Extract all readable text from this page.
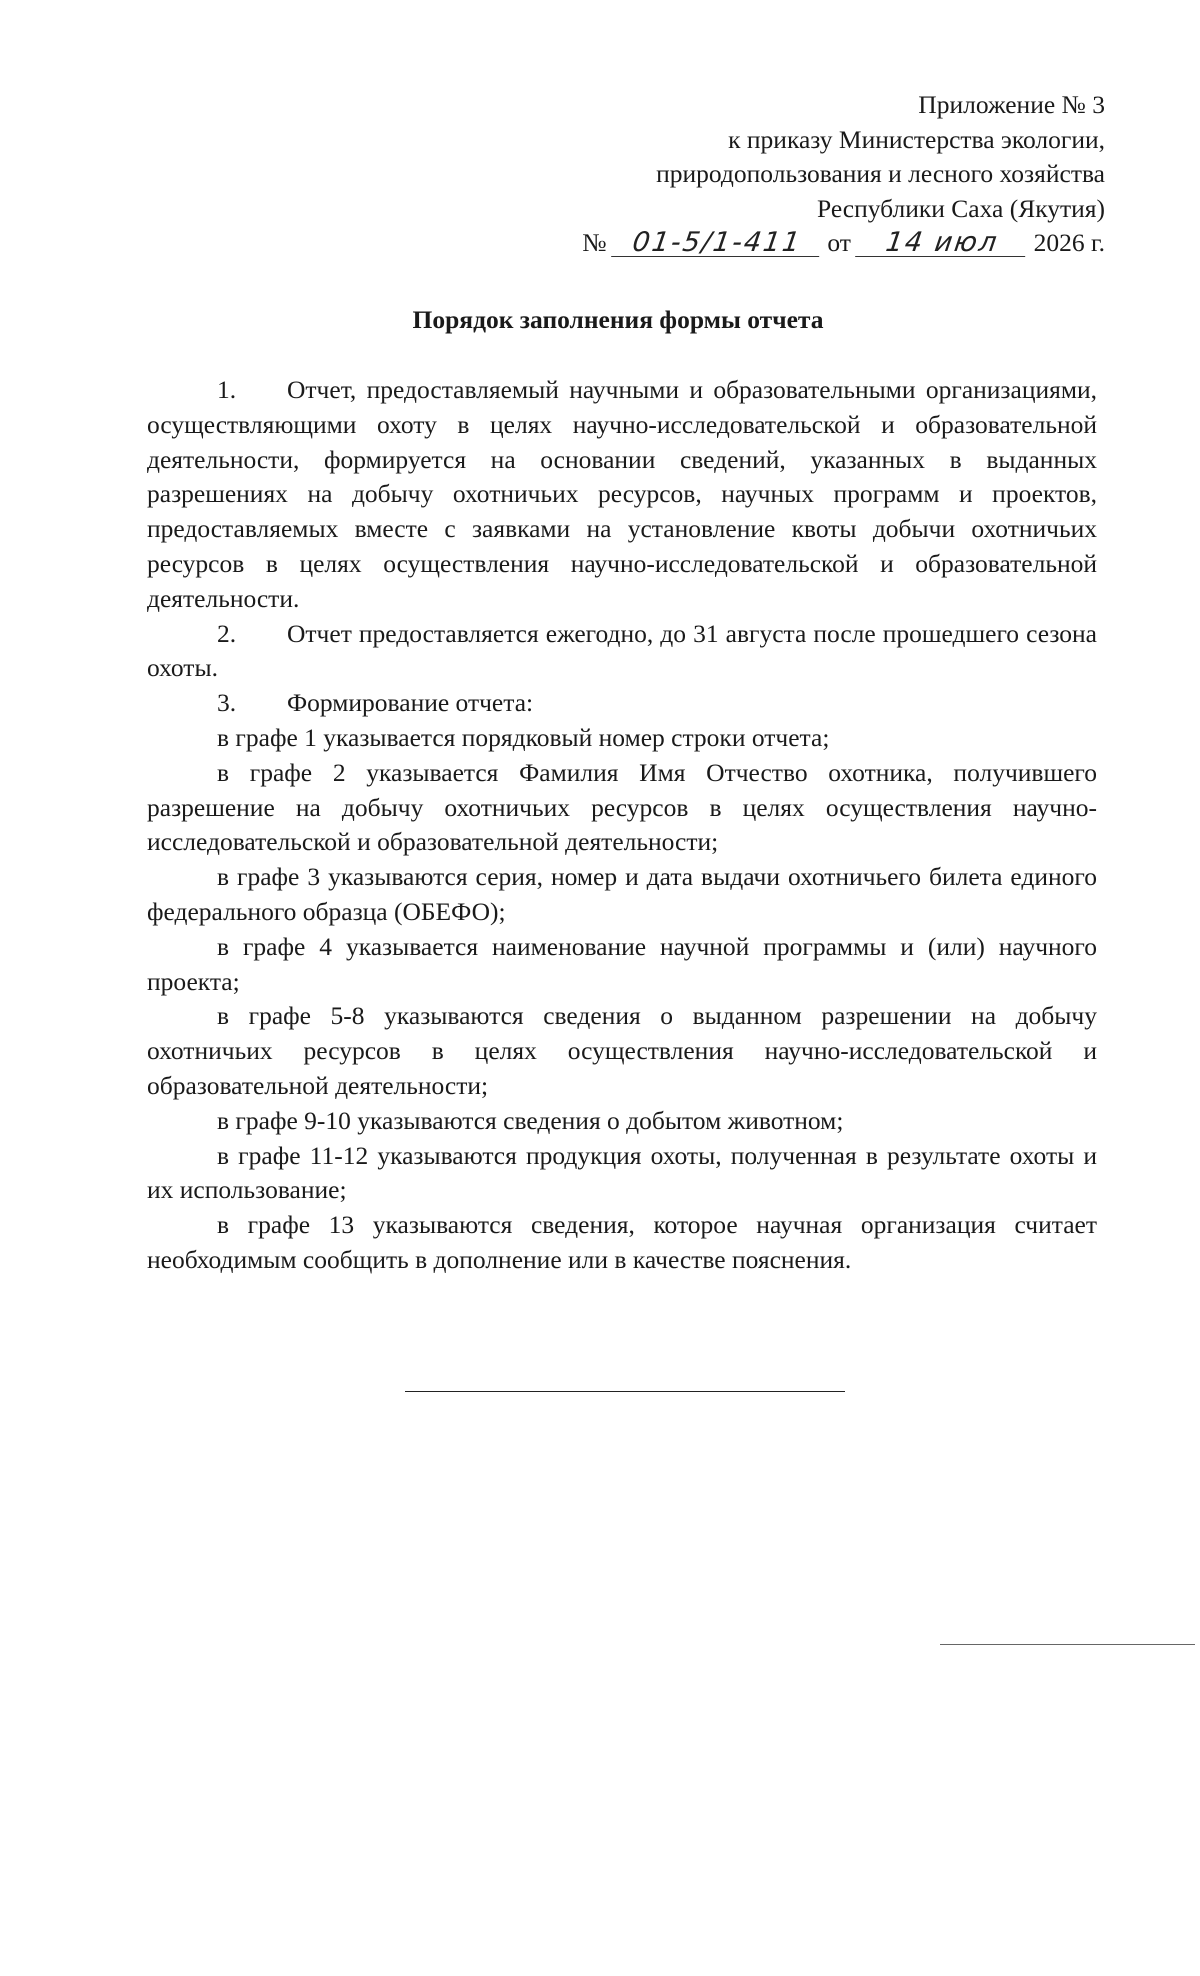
Приложение № 3
к приказу Министерства экологии,
природопользования и лесного хозяйства
Республики Саха (Якутия)
№ 01-5/1-411 от 14 июл 2026 г.
Порядок заполнения формы отчета

1. Отчет, предоставляемый научными и образовательными организациями, осуществляющими охоту в целях научно-исследовательской и образовательной деятельности, формируется на основании сведений, указанных в выданных разрешениях на добычу охотничьих ресурсов, научных программ и проектов, предоставляемых вместе с заявками на установление квоты добычи охотничьих ресурсов в целях осуществления научно-исследовательской и образовательной деятельности.

2. Отчет предоставляется ежегодно, до 31 августа после прошедшего сезона охоты.

3. Формирование отчета:

в графе 1 указывается порядковый номер строки отчета;

в графе 2 указывается Фамилия Имя Отчество охотника, получившего разрешение на добычу охотничьих ресурсов в целях осуществления научно-исследовательской и образовательной деятельности;

в графе 3 указываются серия, номер и дата выдачи охотничьего билета единого федерального образца (ОБЕФО);

в графе 4 указывается наименование научной программы и (или) научного проекта;

в графе 5-8 указываются сведения о выданном разрешении на добычу охотничьих ресурсов в целях осуществления научно-исследовательской и образовательной деятельности;

в графе 9-10 указываются сведения о добытом животном;

в графе 11-12 указываются продукция охоты, полученная в результате охоты и их использование;

в графе 13 указываются сведения, которое научная организация считает необходимым сообщить в дополнение или в качестве пояснения.
